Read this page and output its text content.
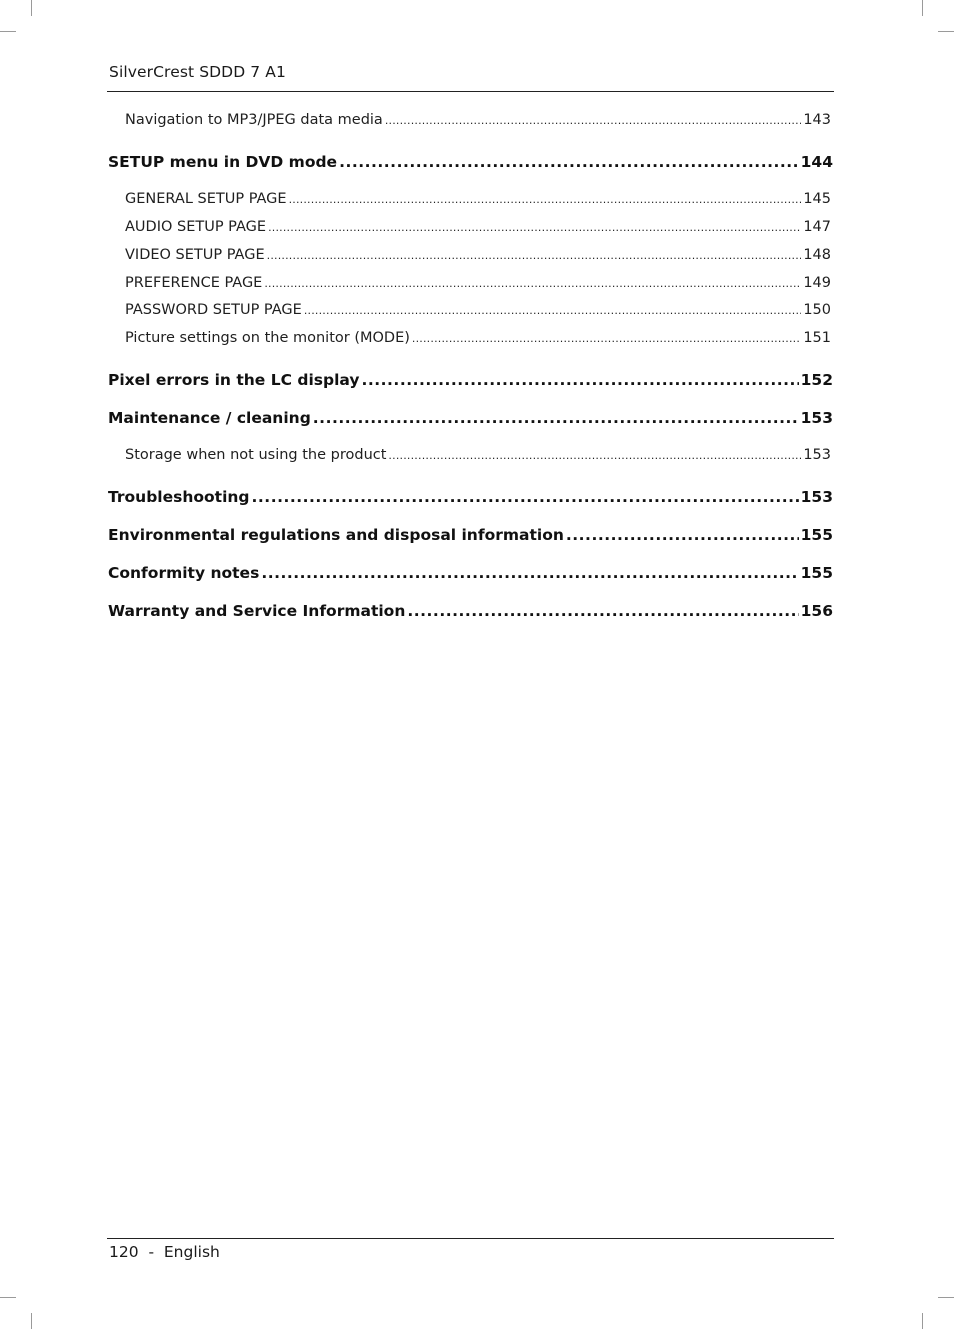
SilverCrest SDDD 7 A1
Navigation to MP3/JPEG data media .....	143
SETUP menu in DVD mode .....	144
GENERAL SETUP PAGE .....	145
AUDIO SETUP PAGE .....	147
VIDEO SETUP PAGE .....	148
PREFERENCE PAGE .....	149
PASSWORD SETUP PAGE .....	150
Picture settings on the monitor (MODE) .....	151
Pixel errors in the LC display .....	152
Maintenance / cleaning .....	153
Storage when not using the product .....	153
Troubleshooting .....	153
Environmental regulations and disposal information .....	155
Conformity notes .....	155
Warranty and Service Information .....	156
120  -  English
